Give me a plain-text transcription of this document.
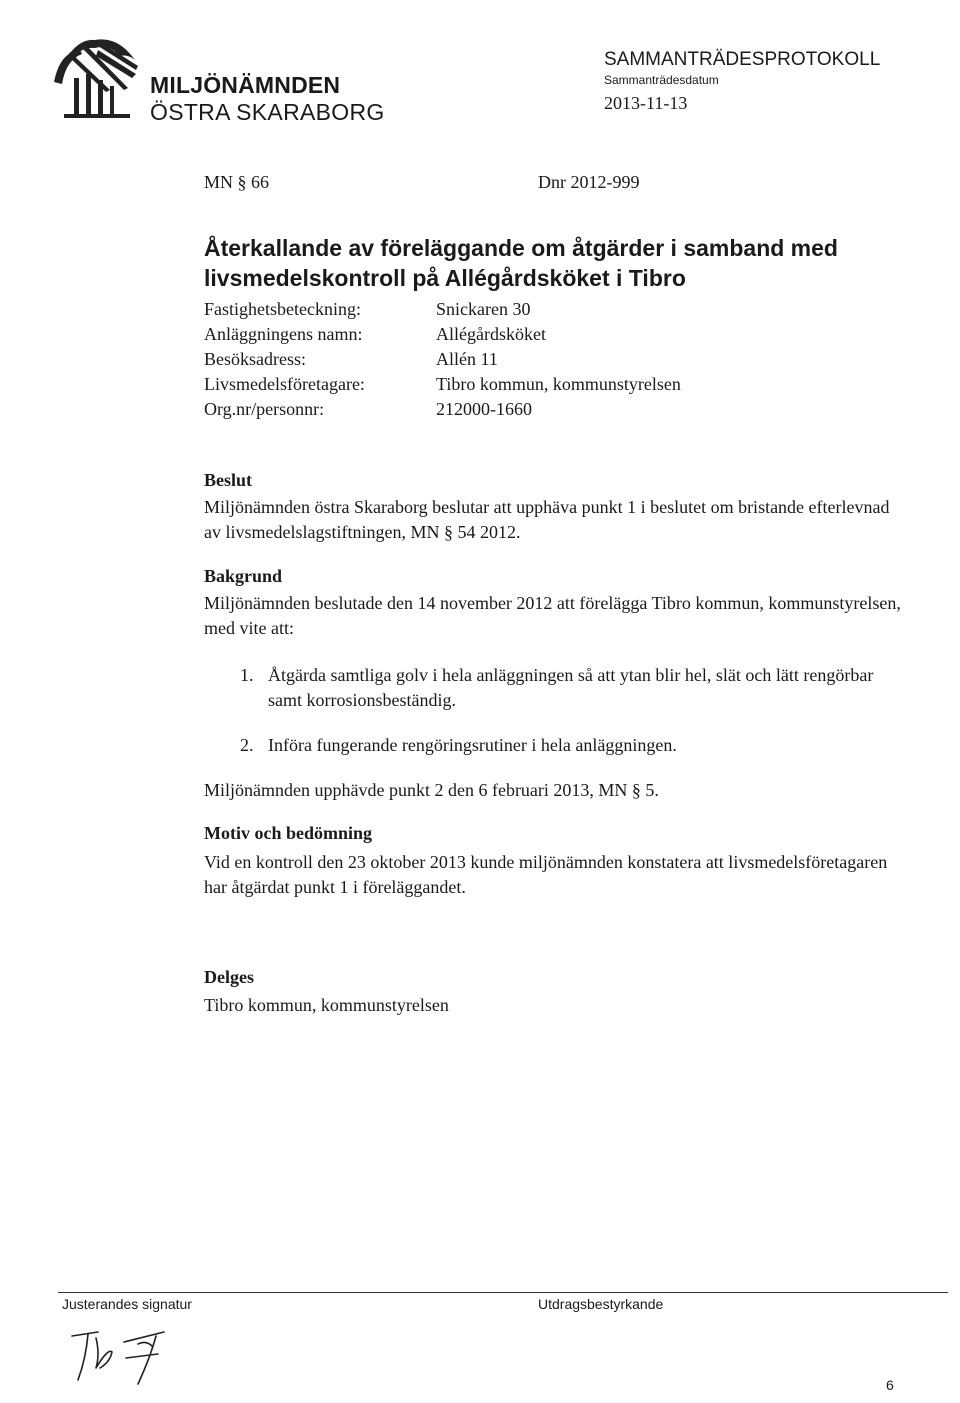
MILJÖNÄMNDEN
ÖSTRA SKARABORG
SAMMANTRÄDESPROTOKOLL
Sammanträdesdatum
2013-11-13
MN § 66	Dnr 2012-999
Återkallande av föreläggande om åtgärder i samband med livsmedelskontroll på Allégårdsköket i Tibro
Fastighetsbeteckning:	Snickaren 30
Anläggningens namn:	Allégårdsköket
Besöksadress:	Allén 11
Livsmedelsföretagare:	Tibro kommun, kommunstyrelsen
Org.nr/personnr:	212000-1660
Beslut
Miljönämnden östra Skaraborg beslutar att upphäva punkt 1 i beslutet om bristande efterlevnad av livsmedelslagstiftningen, MN § 54 2012.
Bakgrund
Miljönämnden beslutade den 14 november 2012 att förelägga Tibro kommun, kommunstyrelsen, med vite att:
1. Åtgärda samtliga golv i hela anläggningen så att ytan blir hel, slät och lätt rengörbar samt korrosionsbeständig.
2. Införa fungerande rengöringsrutiner i hela anläggningen.
Miljönämnden upphävde punkt 2 den 6 februari 2013, MN § 5.
Motiv och bedömning
Vid en kontroll den 23 oktober 2013 kunde miljönämnden konstatera att livsmedelsföretagaren har åtgärdat punkt 1 i föreläggandet.
Delges
Tibro kommun, kommunstyrelsen
Justerandes signatur	Utdragsbestyrkande
6
